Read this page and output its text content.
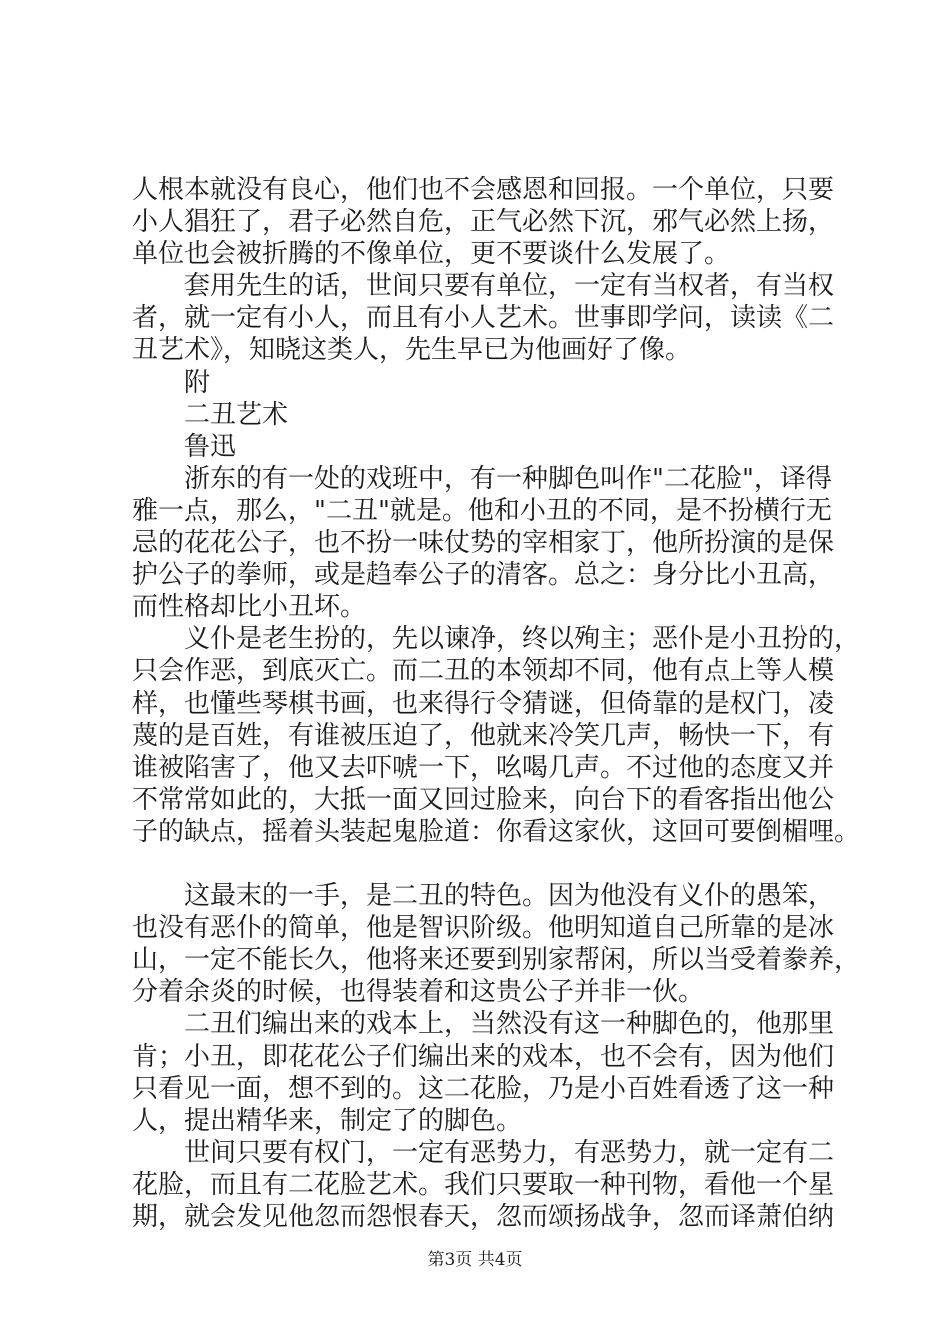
人根本就没有良心，他们也不会感恩和回报。一个单位，只要
小人猖狂了，君子必然自危，正气必然下沉，邪气必然上扬，
单位也会被折腾的不像单位，更不要谈什么发展了。
　　套用先生的话，世间只要有单位，一定有当权者，有当权
者，就一定有小人，而且有小人艺术。世事即学问，读读《二
丑艺术》，知晓这类人，先生早已为他画好了像。
　　附
　　二丑艺术
　　鲁迅
　　浙东的有一处的戏班中，有一种脚色叫作"二花脸"，译得
雅一点，那么，"二丑"就是。他和小丑的不同，是不扮横行无
忌的花花公子，也不扮一味仗势的宰相家丁，他所扮演的是保
护公子的拳师，或是趋奉公子的清客。总之：身分比小丑高，
而性格却比小丑坏。
　　义仆是老生扮的，先以谏净，终以殉主；恶仆是小丑扮的，
只会作恶，到底灭亡。而二丑的本领却不同，他有点上等人模
样，也懂些琴棋书画，也来得行令猜谜，但倚靠的是权门，凌
蔑的是百姓，有谁被压迫了，他就来冷笑几声，畅快一下，有
谁被陷害了，他又去吓唬一下，吆喝几声。不过他的态度又并
不常常如此的，大抵一面又回过脸来，向台下的看客指出他公
子的缺点，摇着头装起鬼脸道：你看这家伙，这回可要倒楣哩。
　　这最末的一手，是二丑的特色。因为他没有义仆的愚笨，
也没有恶仆的简单，他是智识阶级。他明知道自己所靠的是冰
山，一定不能长久，他将来还要到别家帮闲，所以当受着豢养，
分着余炎的时候，也得装着和这贵公子并非一伙。
　　二丑们编出来的戏本上，当然没有这一种脚色的，他那里
肯；小丑，即花花公子们编出来的戏本，也不会有，因为他们
只看见一面，想不到的。这二花脸，乃是小百姓看透了这一种
人，提出精华来，制定了的脚色。
　　世间只要有权门，一定有恶势力，有恶势力，就一定有二
花脸，而且有二花脸艺术。我们只要取一种刊物，看他一个星
期，就会发见他忽而怨恨春天，忽而颂扬战争，忽而译萧伯纳
第3页 共4页
